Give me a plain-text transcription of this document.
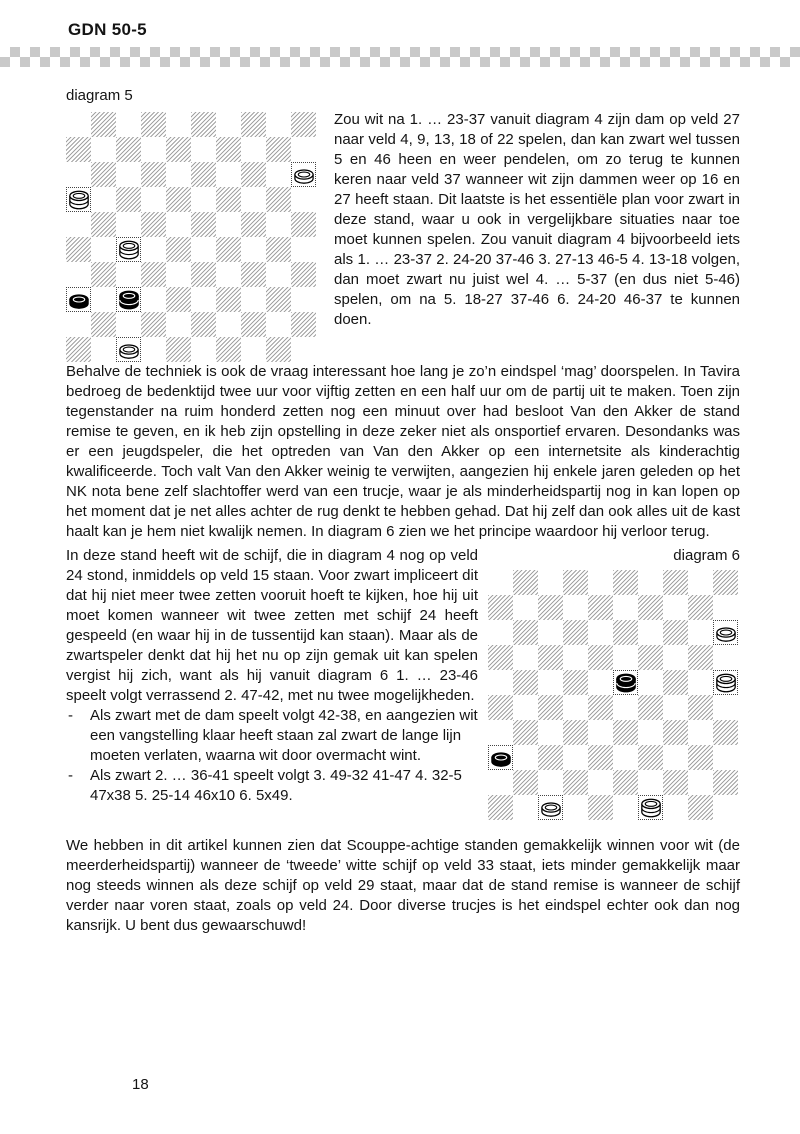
GDN 50-5
diagram 5

Zou wit na 1. … 23-37 vanuit diagram 4 zijn dam op veld 27 naar veld 4, 9, 13, 18 of 22 spelen, dan kan zwart wel tussen 5 en 46 heen en weer pendelen, om zo terug te kunnen keren naar veld 37 wanneer wit zijn dammen weer op 16 en 27 heeft staan. Dit laatste is het essentiële plan voor zwart in deze stand, waar u ook in vergelijkbare situaties naar toe moet kunnen spelen. Zou vanuit diagram 4 bijvoorbeeld iets als 1. … 23-37 2. 24-20 37-46 3. 27-13 46-5 4. 13-18 volgen, dan moet zwart nu juist wel 4. … 5-37 (en dus niet 5-46) spelen, om na 5. 18-27 37-46 6. 24-20 46-37 te kunnen doen.

Behalve de techniek is ook de vraag interessant hoe lang je zo’n eindspel ‘mag’ doorspelen. In Tavira bedroeg de bedenktijd twee uur voor vijftig zetten en een half uur om de partij uit te maken. Toen zijn tegenstander na ruim honderd zetten nog een minuut over had besloot Van den Akker de stand remise te geven, en ik heb zijn opstelling in deze zeker niet als onsportief ervaren. Desondanks was er een jeugdspeler, die het optreden van Van den Akker op een internetsite als kinderachtig kwalificeerde. Toch valt Van den Akker weinig te verwijten, aangezien hij enkele jaren geleden op het NK nota bene zelf slachtoffer werd van een trucje, waar je als minderheidspartij nog in kan lopen op het moment dat je net alles achter de rug denkt te hebben gehad. Dat hij zelf dan ook alles uit de kast haalt kan je hem niet kwalijk nemen. In diagram 6 zien we het principe waardoor hij verloor terug.

diagram 6

In deze stand heeft wit de schijf, die in diagram 4 nog op veld 24 stond, inmiddels op veld 15 staan. Voor zwart impliceert dit dat hij niet meer twee zetten vooruit hoeft te kijken, hoe hij uit moet komen wanneer wit twee zetten met schijf 24 heeft gespeeld (en waar hij in de tussentijd kan staan). Maar als de zwartspeler denkt dat hij het nu op zijn gemak uit kan spelen vergist hij zich, want als hij vanuit diagram 6 1. … 23-46 speelt volgt verrassend 2. 47-42, met nu twee mogelijkheden.

- Als zwart met de dam speelt volgt 42-38, en aangezien wit een vangstelling klaar heeft staan zal zwart de lange lijn moeten verlaten, waarna wit door overmacht wint.
- Als zwart 2. … 36-41 speelt volgt 3. 49-32 41-47 4. 32-5 47x38 5. 25-14 46x10 6. 5x49.

We hebben in dit artikel kunnen zien dat Scouppe-achtige standen gemakkelijk winnen voor wit (de meerderheidspartij) wanneer de ‘tweede’ witte schijf op veld 33 staat, iets minder gemakkelijk maar nog steeds winnen als deze schijf op veld 29 staat, maar dat de stand remise is wanneer de schijf verder naar voren staat, zoals op veld 24. Door diverse trucjes is het eindspel echter ook dan nog kansrijk. U bent dus gewaarschuwd!

18
